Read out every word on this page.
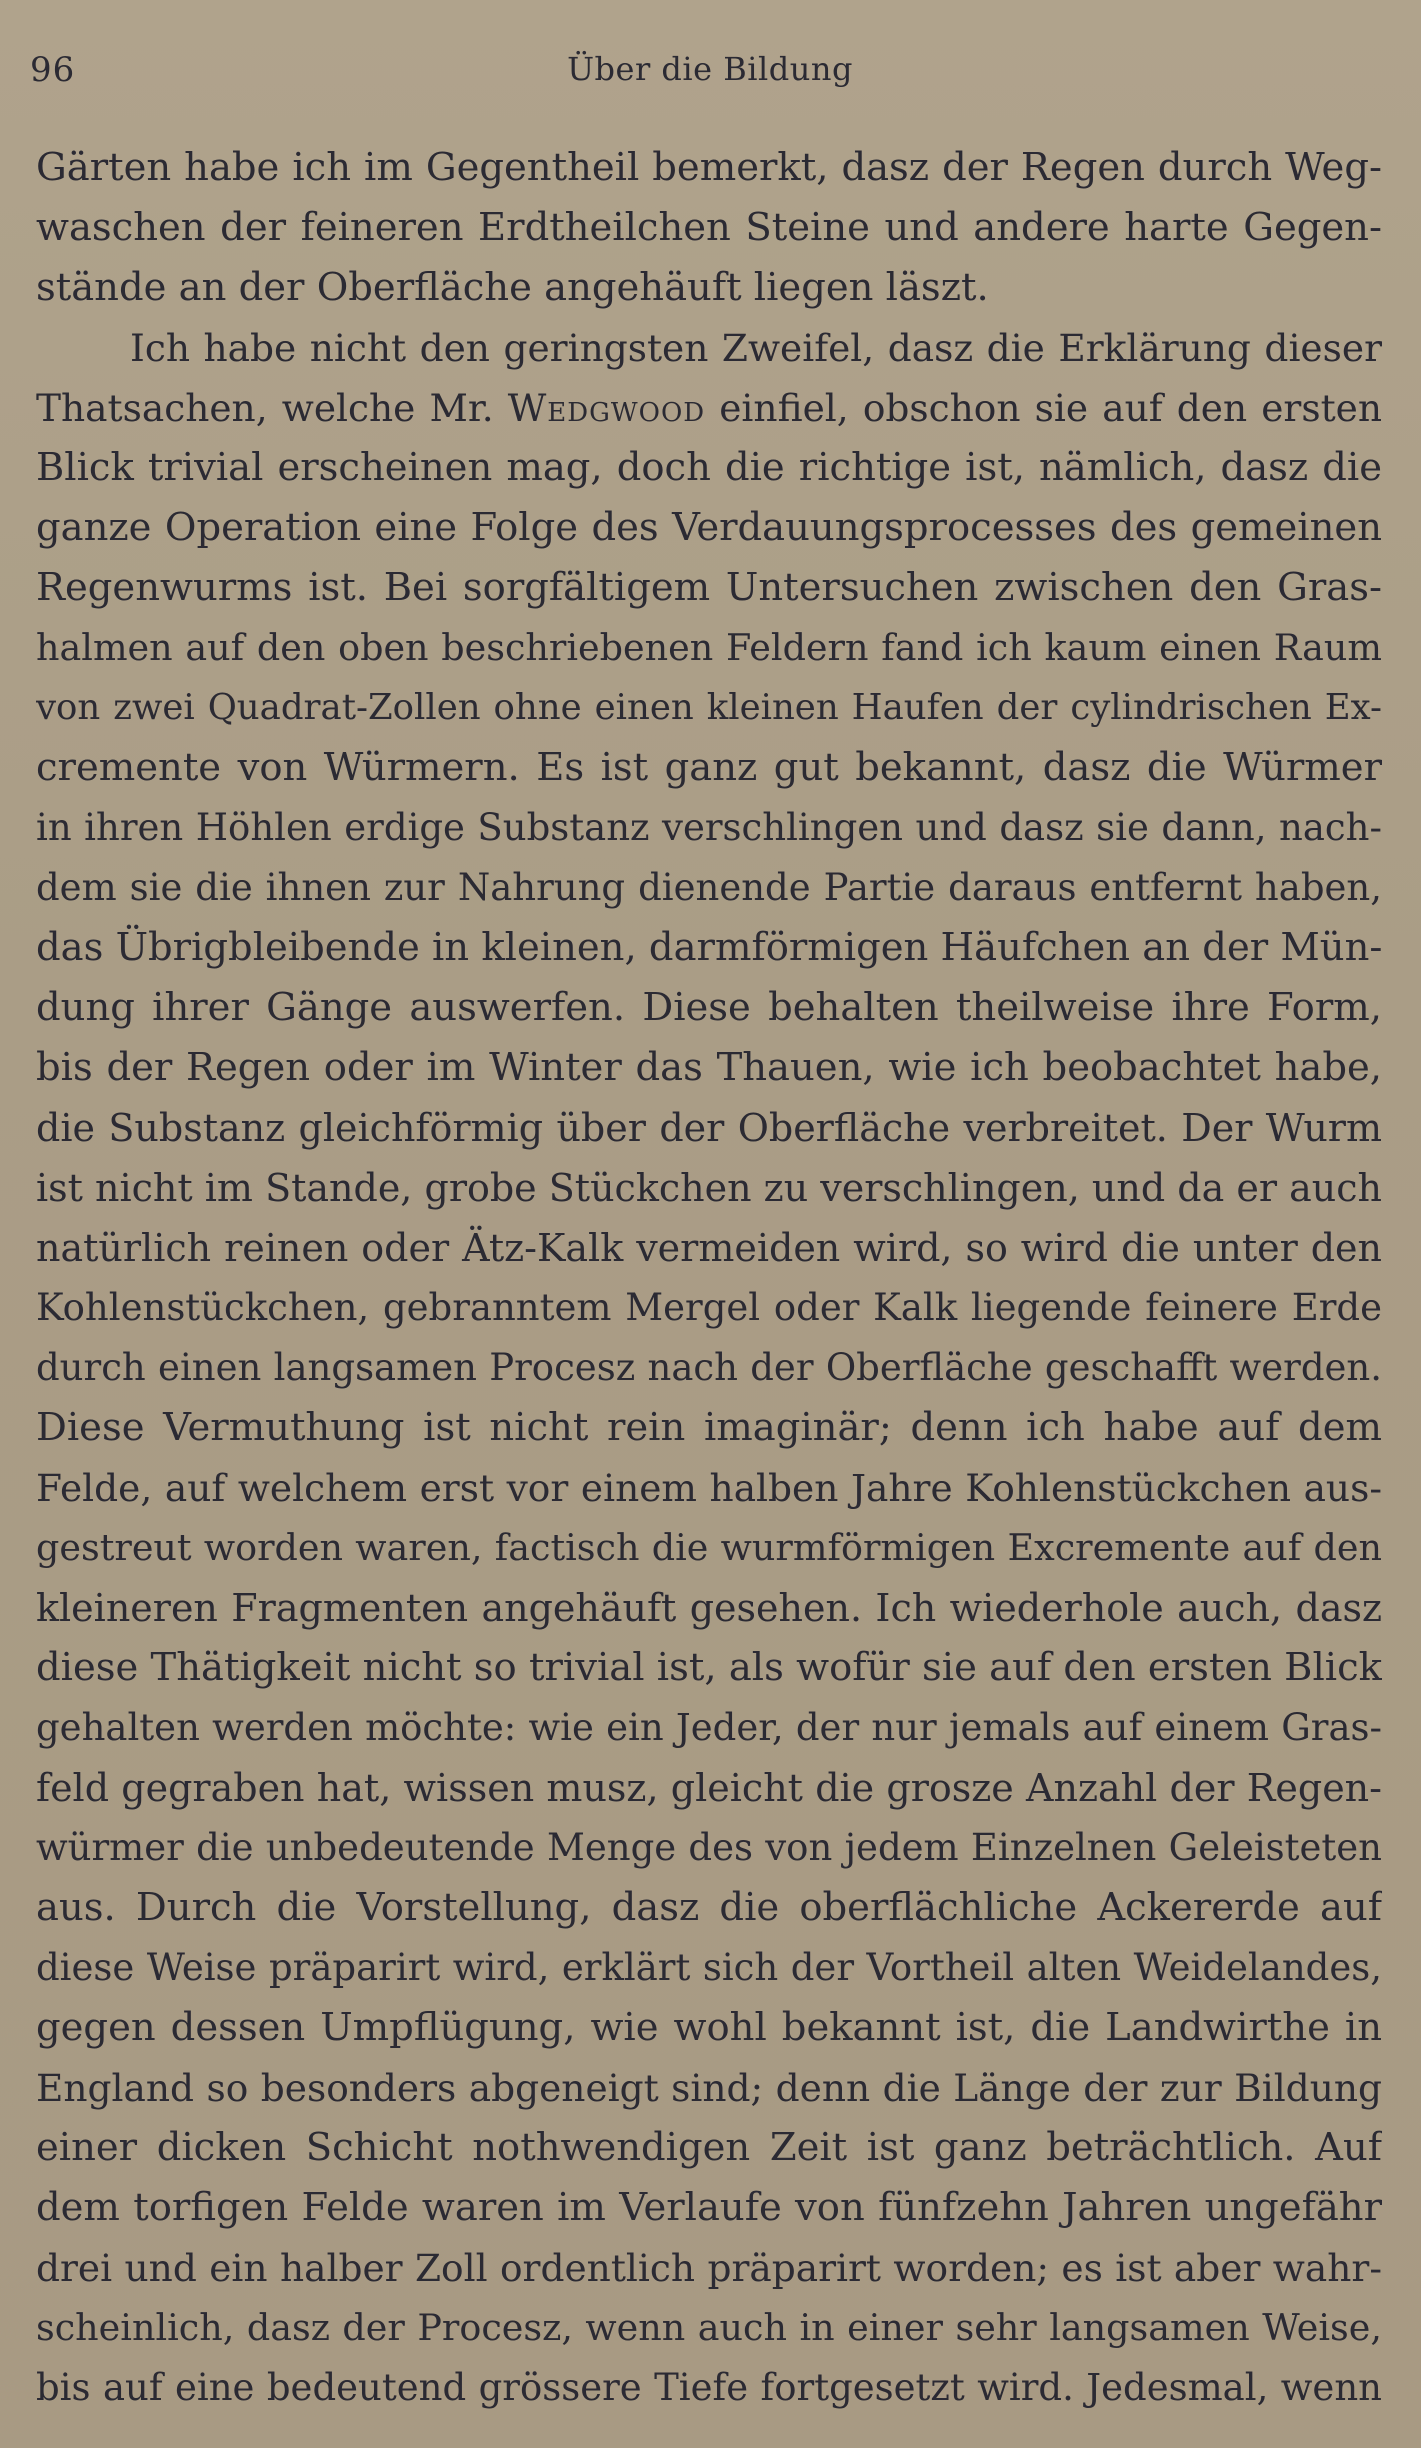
96	Über die Bildung
Gärten habe ich im Gegentheil bemerkt, dasz der Regen durch Weg-
waschen der feineren Erdtheilchen Steine und andere harte Gegen-
stände an der Oberfläche angehäuft liegen läszt.
Ich habe nicht den geringsten Zweifel, dasz die Erklärung dieser
Thatsachen, welche Mr. Wedgwood einfiel, obschon sie auf den ersten
Blick trivial erscheinen mag, doch die richtige ist, nämlich, dasz die
ganze Operation eine Folge des Verdauungsprocesses des gemeinen
Regenwurms ist. Bei sorgfältigem Untersuchen zwischen den Gras-
halmen auf den oben beschriebenen Feldern fand ich kaum einen Raum
von zwei Quadrat-Zollen ohne einen kleinen Haufen der cylindrischen Ex-
cremente von Würmern. Es ist ganz gut bekannt, dasz die Würmer
in ihren Höhlen erdige Substanz verschlingen und dasz sie dann, nach-
dem sie die ihnen zur Nahrung dienende Partie daraus entfernt haben,
das Übrigbleibende in kleinen, darmförmigen Häufchen an der Mün-
dung ihrer Gänge auswerfen. Diese behalten theilweise ihre Form,
bis der Regen oder im Winter das Thauen, wie ich beobachtet habe,
die Substanz gleichförmig über der Oberfläche verbreitet. Der Wurm
ist nicht im Stande, grobe Stückchen zu verschlingen, und da er auch
natürlich reinen oder Ätz-Kalk vermeiden wird, so wird die unter den
Kohlenstückchen, gebranntem Mergel oder Kalk liegende feinere Erde
durch einen langsamen Procesz nach der Oberfläche geschafft werden.
Diese Vermuthung ist nicht rein imaginär; denn ich habe auf dem
Felde, auf welchem erst vor einem halben Jahre Kohlenstückchen aus-
gestreut worden waren, factisch die wurmförmigen Excremente auf den
kleineren Fragmenten angehäuft gesehen. Ich wiederhole auch, dasz
diese Thätigkeit nicht so trivial ist, als wofür sie auf den ersten Blick
gehalten werden möchte: wie ein Jeder, der nur jemals auf einem Gras-
feld gegraben hat, wissen musz, gleicht die grosze Anzahl der Regen-
würmer die unbedeutende Menge des von jedem Einzelnen Geleisteten
aus. Durch die Vorstellung, dasz die oberflächliche Ackererde auf
diese Weise präparirt wird, erklärt sich der Vortheil alten Weidelandes,
gegen dessen Umpflügung, wie wohl bekannt ist, die Landwirthe in
England so besonders abgeneigt sind; denn die Länge der zur Bildung
einer dicken Schicht nothwendigen Zeit ist ganz beträchtlich. Auf
dem torfigen Felde waren im Verlaufe von fünfzehn Jahren ungefähr
drei und ein halber Zoll ordentlich präparirt worden; es ist aber wahr-
scheinlich, dasz der Procesz, wenn auch in einer sehr langsamen Weise,
bis auf eine bedeutend grössere Tiefe fortgesetzt wird. Jedesmal, wenn
